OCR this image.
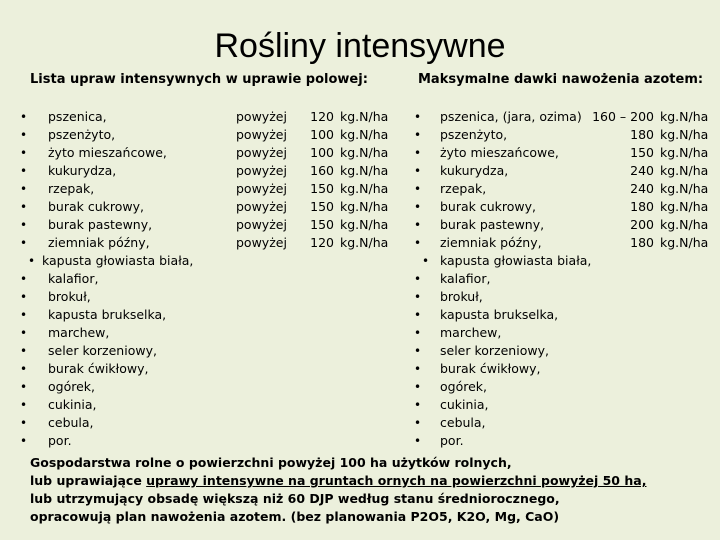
Rośliny intensywne
Lista upraw intensywnych w uprawie polowej:	Maksymalne dawki nawożenia azotem:
• pszenica,	powyżej	120 kg.N/ha
• pszenżyto,	powyżej	100 kg.N/ha
• żyto mieszańcowe,	powyżej	100 kg.N/ha
• kukurydza,	powyżej	160 kg.N/ha
• rzepak,	powyżej	150 kg.N/ha
• burak cukrowy,	powyżej	150 kg.N/ha
• burak pastewny,	powyżej	150 kg.N/ha
• ziemniak późny,	powyżej	120 kg.N/ha
• kapusta głowiasta biała,
• kalafior,
• brokuł,
• kapusta brukselka,
• marchew,
• seler korzeniowy,
• burak ćwikłowy,
• ogórek,
• cukinia,
• cebula,
• por.
• pszenica, (jara, ozima) 160 – 200 kg.N/ha
• pszenżyto,	180 kg.N/ha
• żyto mieszańcowe,	150 kg.N/ha
• kukurydza,	240 kg.N/ha
• rzepak,	240 kg.N/ha
• burak cukrowy,	180 kg.N/ha
• burak pastewny,	200 kg.N/ha
• ziemniak późny,	180 kg.N/ha
• kapusta głowiasta biała,
• kalafior,
• brokuł,
• kapusta brukselka,
• marchew,
• seler korzeniowy,
• burak ćwikłowy,
• ogórek,
• cukinia,
• cebula,
• por.
Gospodarstwa rolne o powierzchni powyżej 100 ha użytków rolnych,
lub uprawiające uprawy intensywne na gruntach ornych na powierzchni powyżej 50 ha,
lub utrzymujący obsadę większą niż 60 DJP według stanu średniorocznego,
opracowują plan nawożenia azotem. (bez planowania P2O5, K2O, Mg, CaO)
